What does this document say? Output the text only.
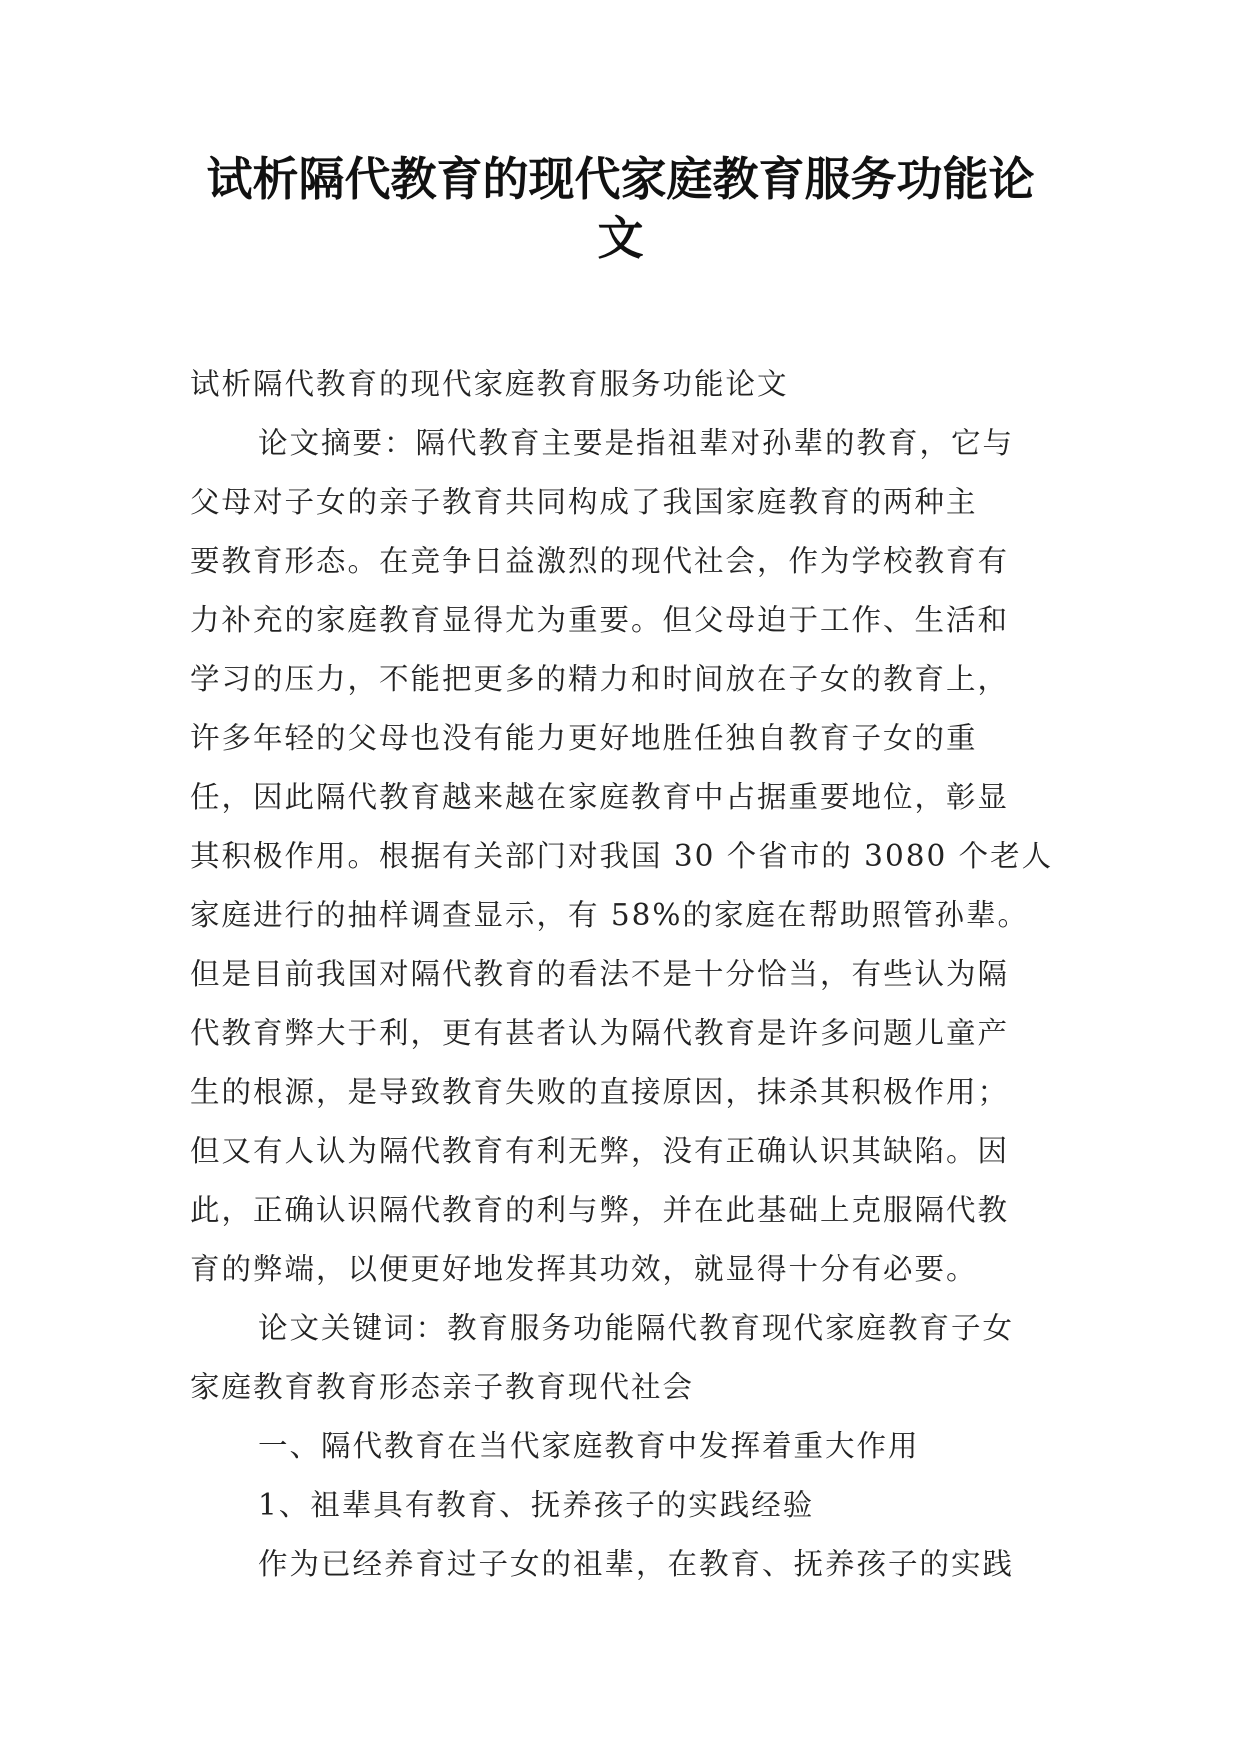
试析隔代教育的现代家庭教育服务功能论
文
试析隔代教育的现代家庭教育服务功能论文
论文摘要：隔代教育主要是指祖辈对孙辈的教育，它与
父母对子女的亲子教育共同构成了我国家庭教育的两种主
要教育形态。在竞争日益激烈的现代社会，作为学校教育有
力补充的家庭教育显得尤为重要。但父母迫于工作、生活和
学习的压力，不能把更多的精力和时间放在子女的教育上，
许多年轻的父母也没有能力更好地胜任独自教育子女的重
任，因此隔代教育越来越在家庭教育中占据重要地位，彰显
其积极作用。根据有关部门对我国 30 个省市的 3080 个老人
家庭进行的抽样调查显示，有 58%的家庭在帮助照管孙辈。
但是目前我国对隔代教育的看法不是十分恰当，有些认为隔
代教育弊大于利，更有甚者认为隔代教育是许多问题儿童产
生的根源，是导致教育失败的直接原因，抹杀其积极作用；
但又有人认为隔代教育有利无弊，没有正确认识其缺陷。因
此，正确认识隔代教育的利与弊，并在此基础上克服隔代教
育的弊端，以便更好地发挥其功效，就显得十分有必要。
论文关键词：教育服务功能隔代教育现代家庭教育子女
家庭教育教育形态亲子教育现代社会
一、隔代教育在当代家庭教育中发挥着重大作用
1、祖辈具有教育、抚养孩子的实践经验
作为已经养育过子女的祖辈，在教育、抚养孩子的实践
